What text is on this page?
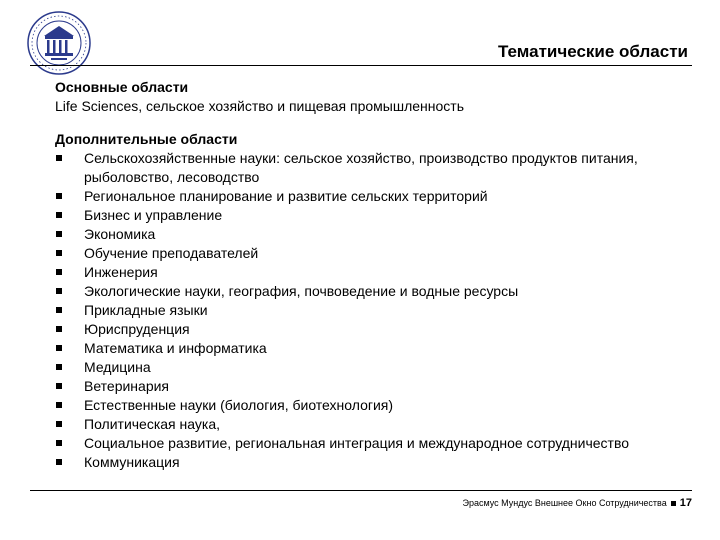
Тематические области
Основные области
Life Sciences, сельское хозяйство и пищевая промышленность
Дополнительные области
Сельскохозяйственные науки: сельское хозяйство, производство продуктов питания, рыболовство, лесоводство
Региональное планирование и развитие сельских территорий
Бизнес и управление
Экономика
Обучение преподавателей
Инженерия
Экологические науки, география, почвоведение и водные ресурсы
Прикладные языки
Юриспруденция
Математика и информатика
Медицина
Ветеринария
Естественные науки (биология, биотехнология)
Политическая наука,
Социальное развитие, региональная интеграция и международное сотрудничество
Коммуникация
Эрасмус Мундус Внешнее Окно Сотрудничества 17
